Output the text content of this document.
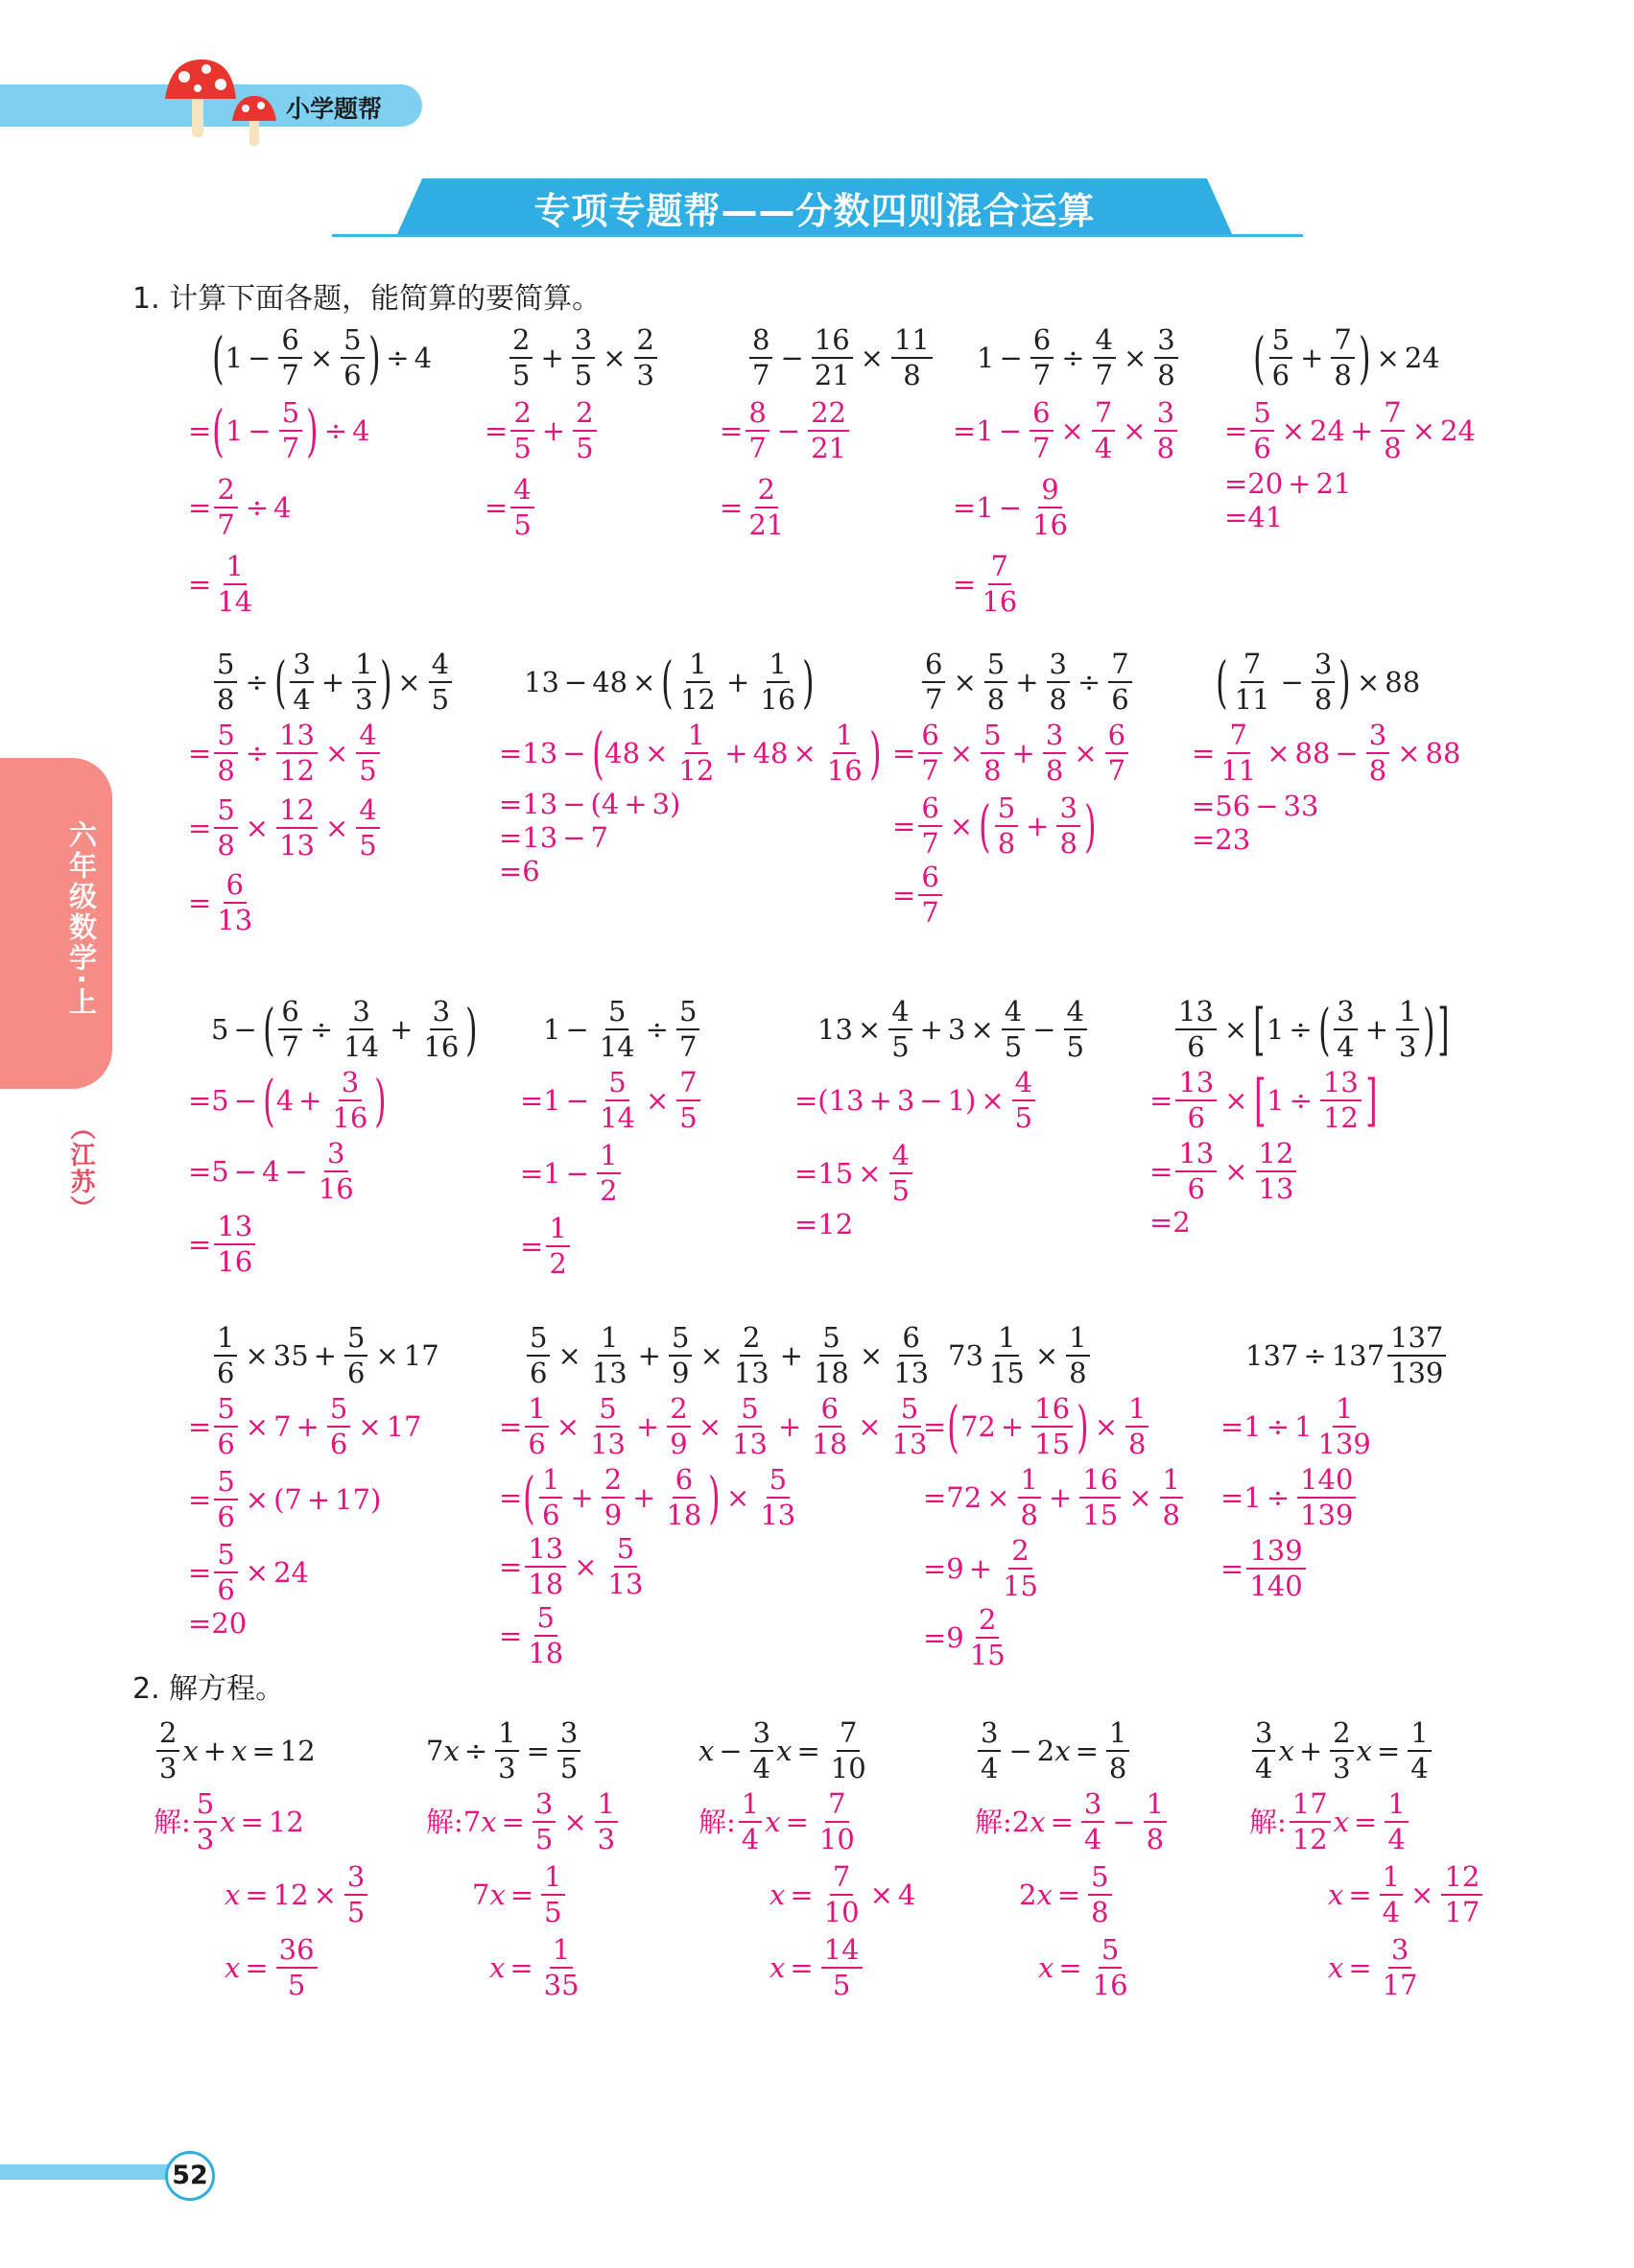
小学题帮
专项专题帮——分数四则混合运算
六年级数学·上
（江苏）
52
1. 计算下面各题，能简算的要简算。
2. 解方程。
( $1 - \frac{6}{7} \times \frac{5}{6}$ ) ÷ 4
= ( $1 - \frac{5}{7}$ ) ÷ 4
= $\frac{2}{7} \div 4$
= $\frac{1}{14}$
$\frac{2}{5} + \frac{3}{5} \times \frac{2}{3}$
= $\frac{2}{5} + \frac{2}{5}$
= $\frac{4}{5}$
$\frac{8}{7} - \frac{16}{21} \times \frac{11}{8}$
= $\frac{8}{7} - \frac{22}{21}$
= $\frac{2}{21}$
$1 - \frac{6}{7} \div \frac{4}{7} \times \frac{3}{8}$
$=1 - \frac{6}{7} \times \frac{7}{4} \times \frac{3}{8}$
$=1 - \frac{9}{16}$
= $\frac{7}{16}$
( $\frac{5}{6} + \frac{7}{8}$ ) × 24
= $\frac{5}{6} \times 24 + \frac{7}{8} \times 24$
=20 + 21
=41
$\frac{5}{8}$ ÷ ( $\frac{3}{4} + \frac{1}{3}$ ) × $\frac{4}{5}$
= $\frac{5}{8} \div \frac{13}{12} \times \frac{4}{5}$
= $\frac{5}{8} \times \frac{12}{13} \times \frac{4}{5}$
= $\frac{6}{13}$
13 − 48 × ( $\frac{1}{12} + \frac{1}{16}$ )
=13 − ( $48 \times \frac{1}{12} + 48 \times \frac{1}{16}$ )
=13 − (4 + 3)
=13 − 7
=6
$\frac{6}{7} \times \frac{5}{8} + \frac{3}{8} \div \frac{7}{6}$
= $\frac{6}{7} \times \frac{5}{8} + \frac{3}{8} \times \frac{6}{7}$
= $\frac{6}{7}$ × ( $\frac{5}{8} + \frac{3}{8}$ )
= $\frac{6}{7}$
( $\frac{7}{11} - \frac{3}{8}$ ) × 88
= $\frac{7}{11} \times 88 - \frac{3}{8} \times 88$
=56 − 33
=23
5 − ( $\frac{6}{7} \div \frac{3}{14} + \frac{3}{16}$ )
=5 − ( $4 + \frac{3}{16}$ )
$=5 - 4 - \frac{3}{16}$
= $\frac{13}{16}$
$1 - \frac{5}{14} \div \frac{5}{7}$
$=1 - \frac{5}{14} \times \frac{7}{5}$
$=1 - \frac{1}{2}$
= $\frac{1}{2}$
$13 \times \frac{4}{5} + 3 \times \frac{4}{5} - \frac{4}{5}$
$=(13 + 3 - 1) \times \frac{4}{5}$
$=15 \times \frac{4}{5}$
=12
$\frac{13}{6}$ × [ 1 ÷ ( $\frac{3}{4} + \frac{1}{3}$ ) ]
= $\frac{13}{6}$ × [ $1 \div \frac{13}{12}$ ]
= $\frac{13}{6} \times \frac{12}{13}$
=2
$\frac{1}{6} \times 35 + \frac{5}{6} \times 17$
= $\frac{5}{6} \times 7 + \frac{5}{6} \times 17$
= $\frac{5}{6} \times (7 + 17)$
= $\frac{5}{6} \times 24$
=20
$\frac{5}{6} \times \frac{1}{13} + \frac{5}{9} \times \frac{2}{13} + \frac{5}{18} \times \frac{6}{13}$
= $\frac{1}{6} \times \frac{5}{13} + \frac{2}{9} \times \frac{5}{13} + \frac{6}{18} \times \frac{5}{13}$
= ( $\frac{1}{6} + \frac{2}{9} + \frac{6}{18}$ ) × $\frac{5}{13}$
= $\frac{13}{18} \times \frac{5}{13}$
= $\frac{5}{18}$
$73 \frac{1}{15} \times \frac{1}{8}$
= ( $72 + \frac{16}{15}$ ) × $\frac{1}{8}$
$=72 \times \frac{1}{8} + \frac{16}{15} \times \frac{1}{8}$
$=9 + \frac{2}{15}$
$=9 \frac{2}{15}$
$137 \div 137 \frac{137}{139}$
$=1 \div 1 \frac{1}{139}$
$=1 \div \frac{140}{139}$
= $\frac{139}{140}$
$\frac{2}{3}$ x + x = 12
解: $\frac{5}{3}$ x = 12
$x = 12 \times \frac{3}{5}$
$x = \frac{36}{5}$
7 $x \div \frac{1}{3} = \frac{3}{5}$
解:7 $x = \frac{3}{5} \times \frac{1}{3}$
7 $x = \frac{1}{5}$
$x = \frac{1}{35}$
$x - \frac{3}{4}$ $x = \frac{7}{10}$
解: $\frac{1}{4}$ $x = \frac{7}{10}$
$x = \frac{7}{10} \times 4$
$x = \frac{14}{5}$
$\frac{3}{4} - 2$ $x = \frac{1}{8}$
解:2 $x = \frac{3}{4} - \frac{1}{8}$
2 $x = \frac{5}{8}$
$x = \frac{5}{16}$
$\frac{3}{4}$ $x + \frac{2}{3}$ $x = \frac{1}{4}$
解: $\frac{17}{12}$ $x = \frac{1}{4}$
$x = \frac{1}{4} \times \frac{12}{17}$
$x = \frac{3}{17}$
